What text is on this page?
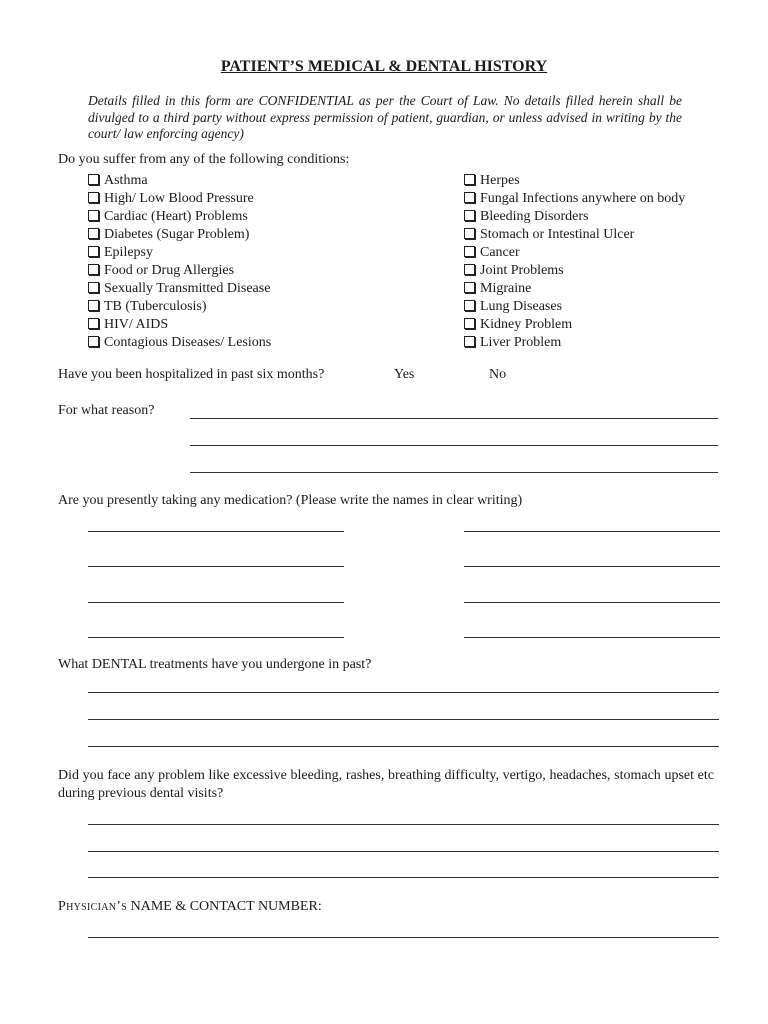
PATIENT’S MEDICAL & DENTAL HISTORY
Details filled in this form are CONFIDENTIAL as per the Court of Law. No details filled herein shall be divulged to a third party without express permission of patient, guardian, or unless advised in writing by the court/ law enforcing agency)
Do you suffer from any of the following conditions:
Asthma
High/ Low Blood Pressure
Cardiac (Heart) Problems
Diabetes (Sugar Problem)
Epilepsy
Food or Drug Allergies
Sexually Transmitted Disease
TB (Tuberculosis)
HIV/ AIDS
Contagious Diseases/ Lesions
Herpes
Fungal Infections anywhere on body
Bleeding Disorders
Stomach or Intestinal Ulcer
Cancer
Joint Problems
Migraine
Lung Diseases
Kidney Problem
Liver Problem
Have you been hospitalized in past six months?	Yes	No
For what reason?
Are you presently taking any medication? (Please write the names in clear writing)
What DENTAL treatments have you undergone in past?
Did you face any problem like excessive bleeding, rashes, breathing difficulty, vertigo, headaches, stomach upset etc during previous dental visits?
Physician’s NAME & CONTACT NUMBER:
